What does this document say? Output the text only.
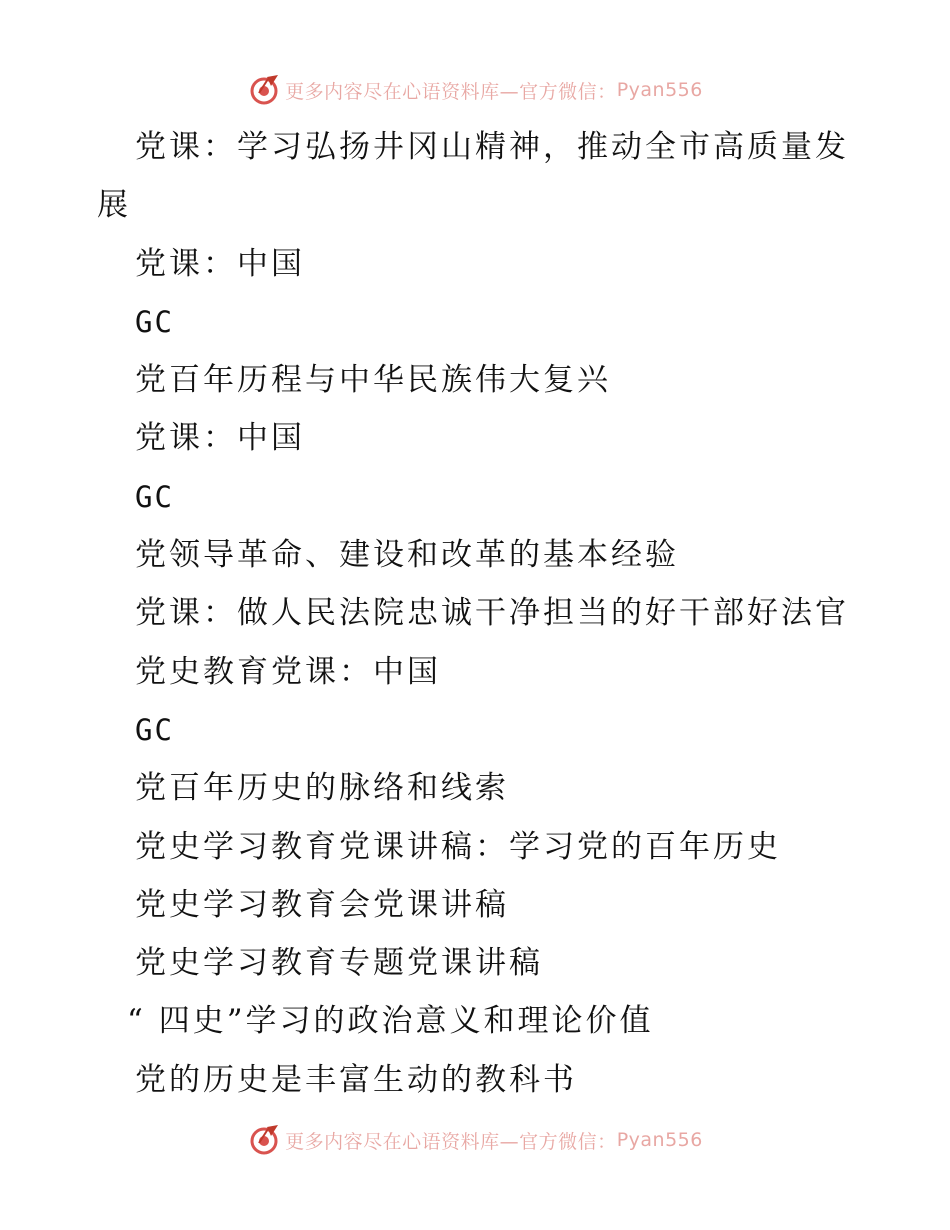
更多内容尽在心语资料库 —官方微信： Pyan556
党课：学习弘扬井冈山精神，推动全市高质量发
展
党课：中国
GC
党百年历程与中华民族伟大复兴
党课：中国
GC
党领导革命、建设和改革的基本经验
党课：做人民法院忠诚干净担当的好干部好法官
党史教育党课：中国
GC
党百年历史的脉络和线索
党史学习教育党课讲稿：学习党的百年历史
党史学习教育会党课讲稿
党史学习教育专题党课讲稿
“ 四史”学习的政治意义和理论价值
党的历史是丰富生动的教科书
更多内容尽在心语资料库 —官方微信： Pyan556
